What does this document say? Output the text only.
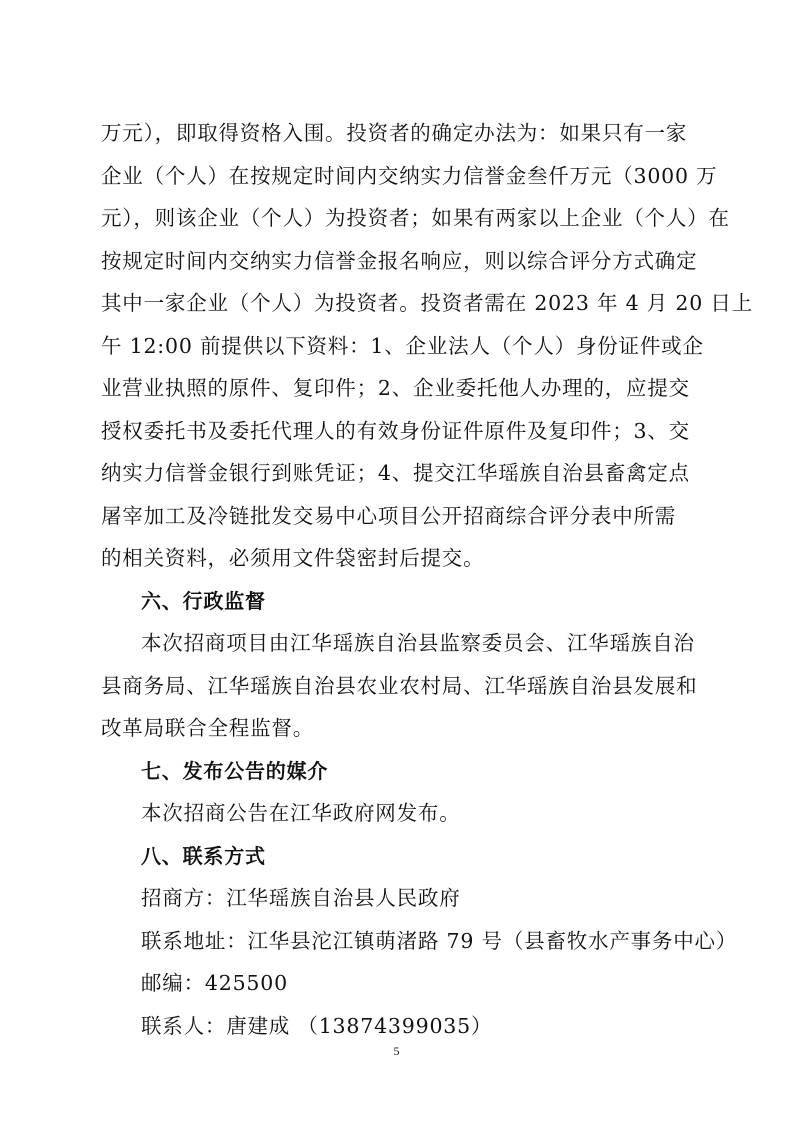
万元），即取得资格入围。投资者的确定办法为：如果只有一家
企业（个人）在按规定时间内交纳实力信誉金叁仟万元（3000 万
元），则该企业（个人）为投资者；如果有两家以上企业（个人）在
按规定时间内交纳实力信誉金报名响应，则以综合评分方式确定
其中一家企业（个人）为投资者。投资者需在 2023 年 4 月 20 日上
午 12:00 前提供以下资料：1、企业法人（个人）身份证件或企
业营业执照的原件、复印件；2、企业委托他人办理的，应提交
授权委托书及委托代理人的有效身份证件原件及复印件；3、交
纳实力信誉金银行到账凭证；4、提交江华瑶族自治县畜禽定点
屠宰加工及冷链批发交易中心项目公开招商综合评分表中所需
的相关资料，必须用文件袋密封后提交。
六、行政监督
本次招商项目由江华瑶族自治县监察委员会、江华瑶族自治
县商务局、江华瑶族自治县农业农村局、江华瑶族自治县发展和
改革局联合全程监督。
七、发布公告的媒介
本次招商公告在江华政府网发布。
八、联系方式
招商方：江华瑶族自治县人民政府
联系地址：江华县沱江镇萌渚路 79 号（县畜牧水产事务中心）
邮编：425500
联系人：唐建成 （13874399035）
5
